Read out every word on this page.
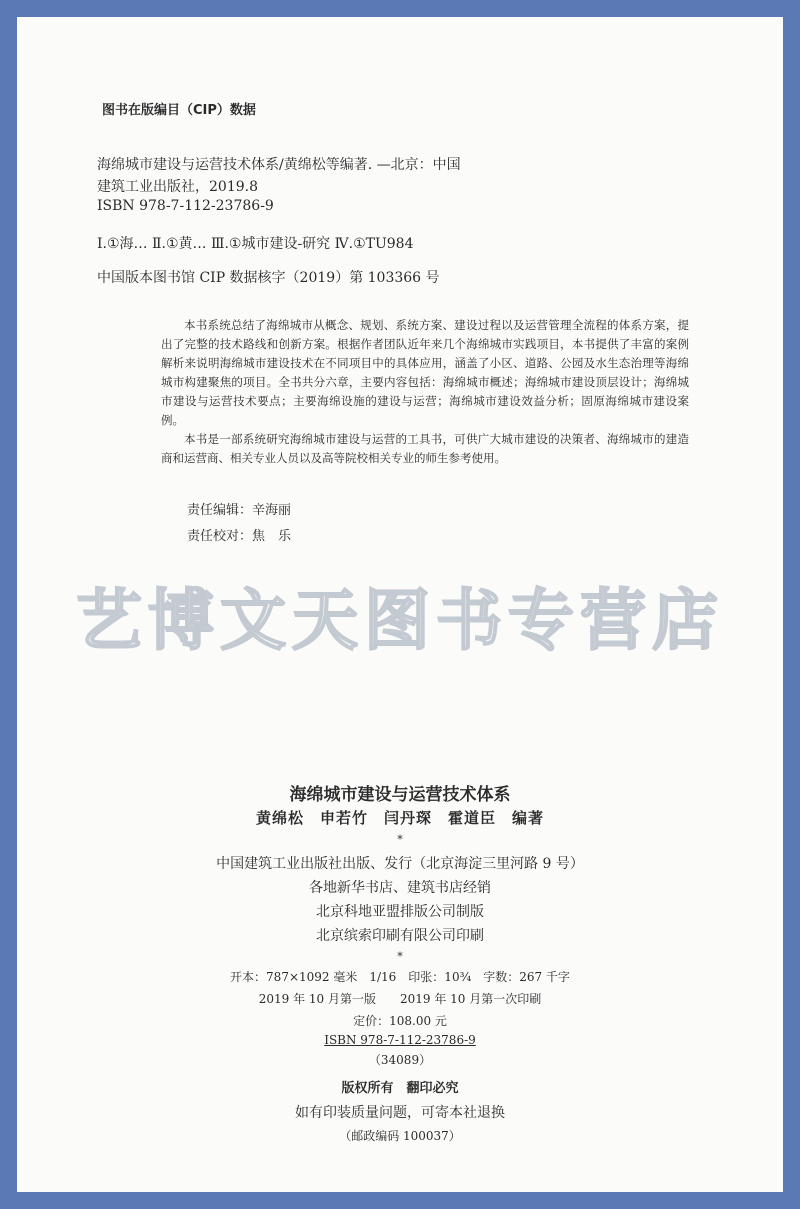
图书在版编目（CIP）数据
海绵城市建设与运营技术体系/黄绵松等编著. —北京：中国
建筑工业出版社，2019.8
ISBN 978-7-112-23786-9
Ⅰ.①海… Ⅱ.①黄… Ⅲ.①城市建设-研究 Ⅳ.①TU984
中国版本图书馆 CIP 数据核字（2019）第 103366 号

本书系统总结了海绵城市从概念、规划、系统方案、建设过程以及运营管理全流程的体系方案，提出了完整的技术路线和创新方案。根据作者团队近年来几个海绵城市实践项目，本书提供了丰富的案例解析来说明海绵城市建设技术在不同项目中的具体应用，涵盖了小区、道路、公园及水生态治理等海绵城市构建聚焦的项目。全书共分六章，主要内容包括：海绵城市概述；海绵城市建设顶层设计；海绵城市建设与运营技术要点；主要海绵设施的建设与运营；海绵城市建设效益分析；固原海绵城市建设案例。

本书是一部系统研究海绵城市建设与运营的工具书，可供广大城市建设的决策者、海绵城市的建造商和运营商、相关专业人员以及高等院校相关专业的师生参考使用。

责任编辑：辛海丽
责任校对：焦　乐
艺博文天图书专营店
海绵城市建设与运营技术体系
黄绵松　申若竹　闫丹琛　霍道臣　编著
*
中国建筑工业出版社出版、发行（北京海淀三里河路 9 号）
各地新华书店、建筑书店经销
北京科地亚盟排版公司制版
北京缤索印刷有限公司印刷
*
开本：787×1092 毫米　1/16　印张：10¾　字数：267 千字
2019 年 10 月第一版　　2019 年 10 月第一次印刷
定价：108.00 元
ISBN 978-7-112-23786-9
（34089）
版权所有　翻印必究
如有印装质量问题，可寄本社退换
（邮政编码 100037）
